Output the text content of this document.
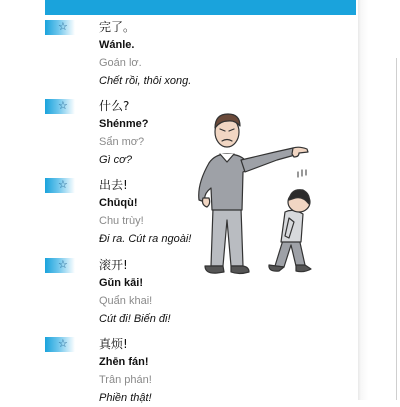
☆	完了。
Wánle.
Goán lơ.
Chết rồi, thôi xong.
☆	什么?
Shénme?
Sẩn mơ?
Gì cơ?
☆	出去!
Chūqù!
Chu trùy!
Đi ra. Cút ra ngoài!
☆	滚开!
Gǔn kāi!
Quẩn khai!
Cút đi! Biến đi!
☆	真烦!
Zhēn fán!
Trân phán!
Phiền thật!
